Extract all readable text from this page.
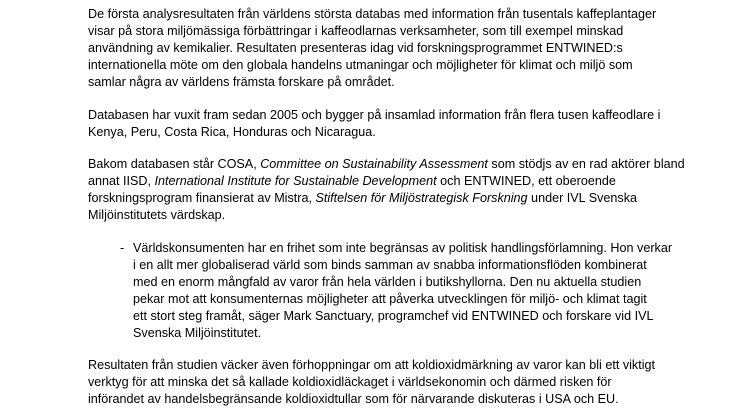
De första analysresultaten från världens största databas med information från tusentals kaffeplantager
visar på stora miljömässiga förbättringar i kaffeodlarnas verksamheter, som till exempel minskad
användning av kemikalier. Resultaten presenteras idag vid forskningsprogrammet ENTWINED:s
internationella möte om den globala handelns utmaningar och möjligheter för klimat och miljö som
samlar några av världens främsta forskare på området.

Databasen har vuxit fram sedan 2005 och bygger på insamlad information från flera tusen kaffeodlare i
Kenya, Peru, Costa Rica, Honduras och Nicaragua.

Bakom databasen står COSA, Committee on Sustainability Assessment som stödjs av en rad aktörer bland
annat IISD, International Institute for Sustainable Development och ENTWINED, ett oberoende
forskningsprogram finansierat av Mistra, Stiftelsen för Miljöstrategisk Forskning under IVL Svenska
Miljöinstitutets värdskap.

- Världskonsumenten har en frihet som inte begränsas av politisk handlingsförlamning. Hon verkar
i en allt mer globaliserad värld som binds samman av snabba informationsflöden kombinerat
med en enorm mångfald av varor från hela världen i butikshyllorna. Den nu aktuella studien
pekar mot att konsumenternas möjligheter att påverka utvecklingen för miljö- och klimat tagit
ett stort steg framåt, säger Mark Sanctuary, programchef vid ENTWINED och forskare vid IVL
Svenska Miljöinstitutet.

Resultaten från studien väcker även förhoppningar om att koldioxidmärkning av varor kan bli ett viktigt
verktyg för att minska det så kallade koldioxidläckaget i världsekonomin och därmed risken för
införandet av handelsbegränsande koldioxidtullar som för närvarande diskuteras i USA och EU.
